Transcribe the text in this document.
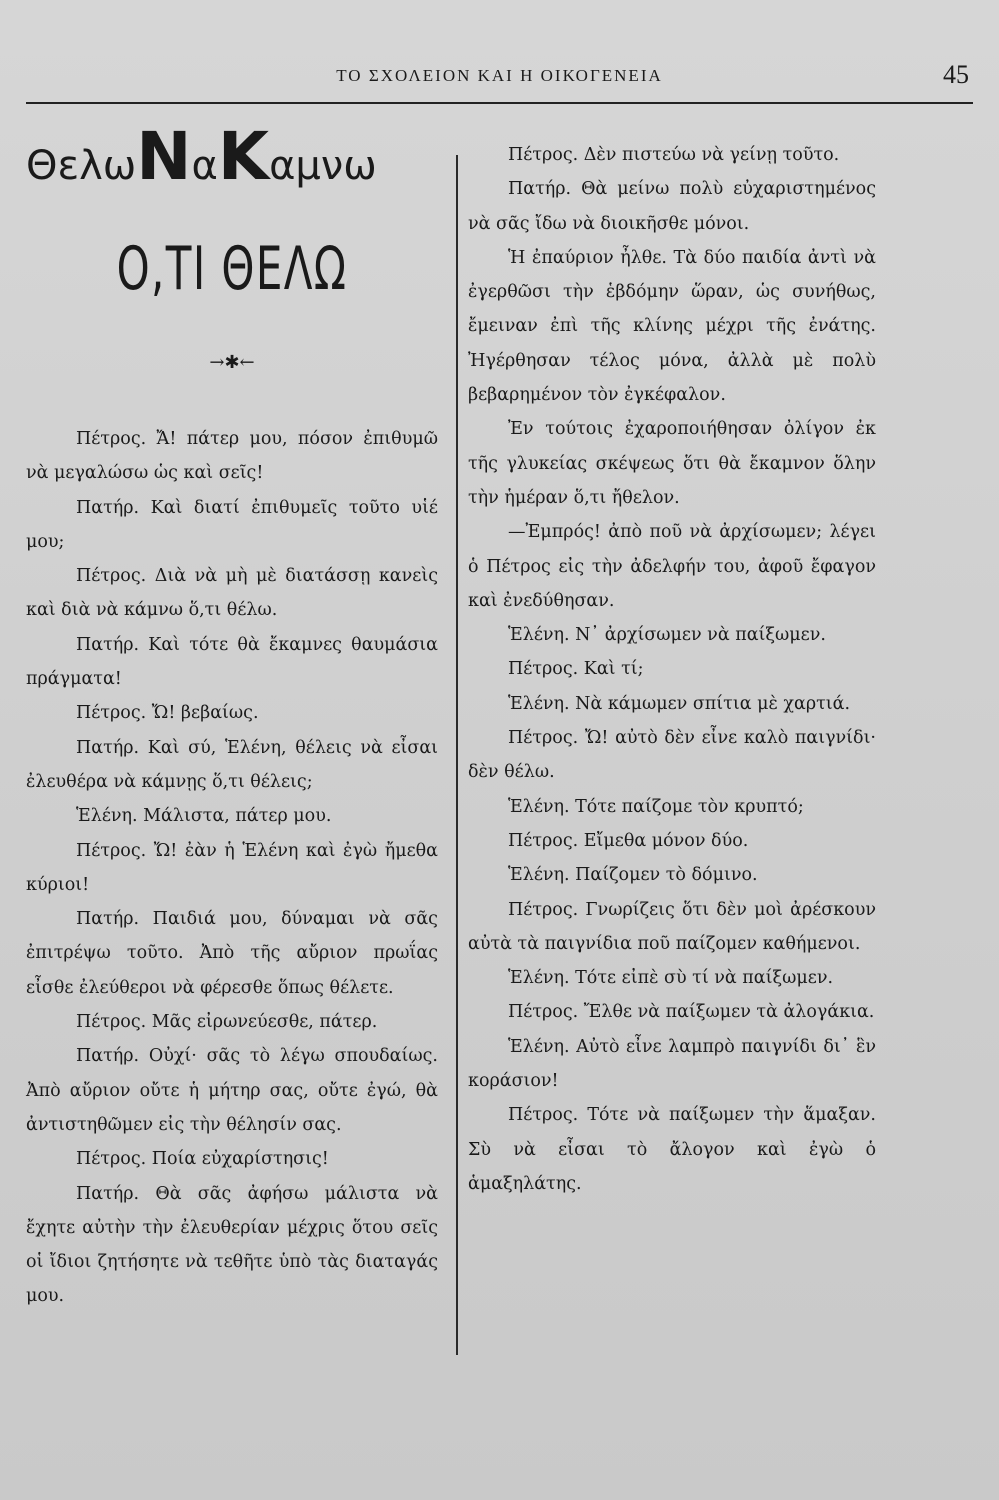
ΤΟ ΣΧΟΛΕΙΟΝ ΚΑΙ Η ΟΙΚΟΓΕΝΕΙΑ	45
ΘελωΝαΚαμνω
Ο,ΤΙ ΘΕΛΩ
→✱←

Πέτρος. Ἄ! πάτερ μου, πόσον ἐπιθυμῶ νὰ μεγαλώσω ὡς καὶ σεῖς!

Πατήρ. Καὶ διατί ἐπιθυμεῖς τοῦτο υἱέ μου;

Πέτρος. Διὰ νὰ μὴ μὲ διατάσσῃ κανεὶς καὶ διὰ νὰ κάμνω ὅ,τι θέλω.

Πατήρ. Καὶ τότε θὰ ἔκαμνες θαυμάσια πράγματα!

Πέτρος. Ὤ! βεβαίως.

Πατήρ. Καὶ σύ, Ἑλένη, θέλεις νὰ εἶσαι ἐλευθέρα νὰ κάμνῃς ὅ,τι θέλεις;

Ἑλένη. Μάλιστα, πάτερ μου.

Πέτρος. Ὤ! ἐὰν ἡ Ἑλένη καὶ ἐγὼ ἤμεθα κύριοι!

Πατήρ. Παιδιά μου, δύναμαι νὰ σᾶς ἐπιτρέψω τοῦτο. Ἀπὸ τῆς αὔριον πρωΐας εἶσθε ἐλεύθεροι νὰ φέρεσθε ὅπως θέλετε.

Πέτρος. Μᾶς εἰρωνεύεσθε, πάτερ.

Πατήρ. Οὐχί· σᾶς τὸ λέγω σπουδαίως. Ἀπὸ αὔριον οὔτε ἡ μήτηρ σας, οὔτε ἐγώ, θὰ ἀντιστηθῶμεν εἰς τὴν θέλησίν σας.

Πέτρος. Ποία εὐχαρίστησις!

Πατήρ. Θὰ σᾶς ἀφήσω μάλιστα νὰ ἔχητε αὐτὴν τὴν ἐλευθερίαν μέχρις ὅτου σεῖς οἱ ἴδιοι ζητήσητε νὰ τεθῆτε ὑπὸ τὰς διαταγάς μου.

Πέτρος. Δὲν πιστεύω νὰ γείνῃ τοῦτο.

Πατήρ. Θὰ μείνω πολὺ εὐχαριστημένος νὰ σᾶς ἴδω νὰ διοικῆσθε μόνοι.

Ἡ ἐπαύριον ἦλθε. Τὰ δύο παιδία ἀντὶ νὰ ἐγερθῶσι τὴν ἑβδόμην ὥραν, ὡς συνήθως, ἔμειναν ἐπὶ τῆς κλίνης μέχρι τῆς ἐνάτης. Ἠγέρθησαν τέλος μόνα, ἀλλὰ μὲ πολὺ βεβαρημένον τὸν ἐγκέφαλον.

Ἐν τούτοις ἐχαροποιήθησαν ὀλίγον ἐκ τῆς γλυκείας σκέψεως ὅτι θὰ ἔκαμνον ὅλην τὴν ἡμέραν ὅ,τι ἤθελον.

—Ἐμπρός! ἀπὸ ποῦ νὰ ἀρχίσωμεν; λέγει ὁ Πέτρος εἰς τὴν ἀδελφήν του, ἀφοῦ ἔφαγον καὶ ἐνεδύθησαν.

Ἑλένη. Ν᾽ ἀρχίσωμεν νὰ παίξωμεν.

Πέτρος. Καὶ τί;

Ἑλένη. Νὰ κάμωμεν σπίτια μὲ χαρτιά.

Πέτρος. Ὤ! αὐτὸ δὲν εἶνε καλὸ παιγνίδι· δὲν θέλω.

Ἑλένη. Τότε παίζομε τὸν κρυπτό;

Πέτρος. Εἴμεθα μόνον δύο.

Ἑλένη. Παίζομεν τὸ δόμινο.

Πέτρος. Γνωρίζεις ὅτι δὲν μοὶ ἀρέσκουν αὐτὰ τὰ παιγνίδια ποῦ παίζομεν καθήμενοι.

Ἑλένη. Τότε εἰπὲ σὺ τί νὰ παίξωμεν.

Πέτρος. Ἔλθε νὰ παίξωμεν τὰ ἀλογάκια.

Ἑλένη. Αὐτὸ εἶνε λαμπρὸ παιγνίδι δι᾽ ἓν κοράσιον!

Πέτρος. Τότε νὰ παίξωμεν τὴν ἅμαξαν. Σὺ νὰ εἶσαι τὸ ἄλογον καὶ ἐγὼ ὁ ἁμαξηλάτης.
